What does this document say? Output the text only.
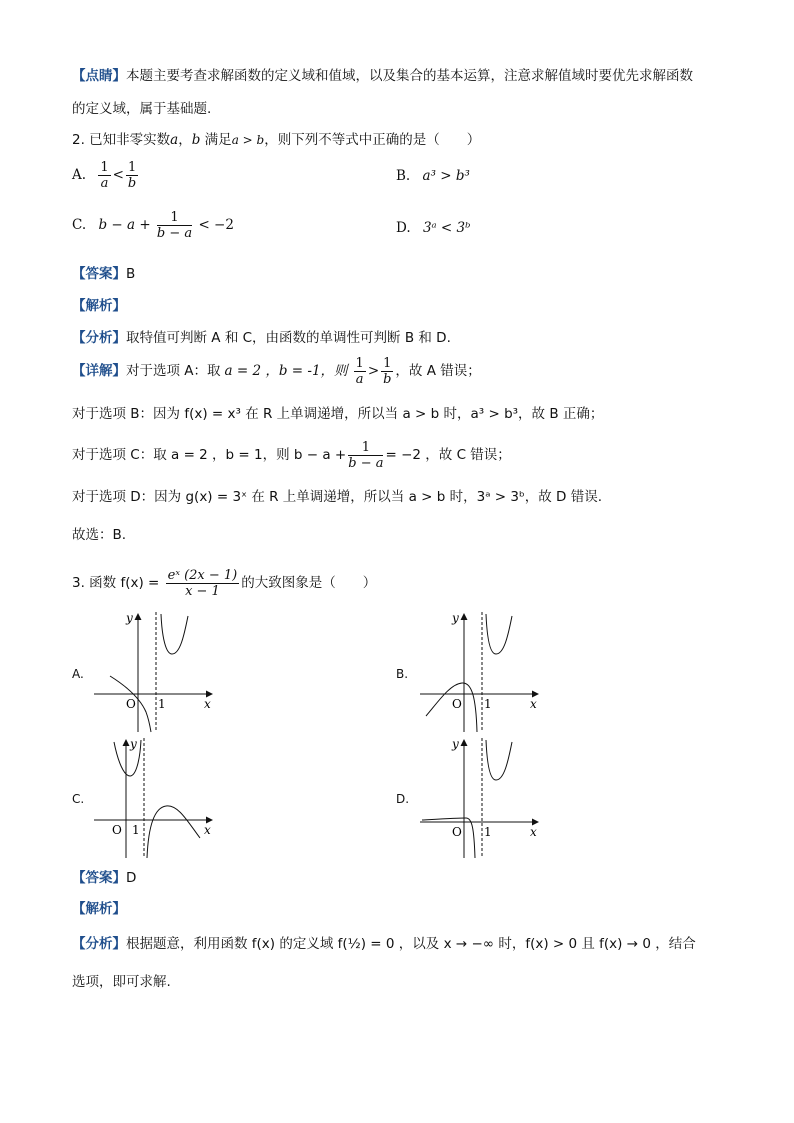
【点睛】本题主要考查求解函数的定义域和值域，以及集合的基本运算，注意求解值域时要优先求解函数
的定义域，属于基础题.
2. 已知非零实数a，b 满足a > b，则下列不等式中正确的是（　　）
A. $\frac{1}{a} < \frac{1}{b}$	B. a³ > b³
C. $b - a + \frac{1}{b - a} < -2$	D. 3ᵃ < 3ᵇ
【答案】B
【解析】
【分析】取特值可判断 A 和 C，由函数的单调性可判断 B 和 D.
【详解】对于选项 A：取 a = 2 ，b = -1，则 $\frac{1}{a} > \frac{1}{b}$ ，故 A 错误；
对于选项 B：因为 f(x) = x³ 在 R 上单调递增，所以当 a > b 时，a³ > b³，故 B 正确；
对于选项 C：取 a = 2 ，b = 1，则 $b - a + \frac{1}{b - a} = -2$ ，故 C 错误；
对于选项 D：因为 g(x) = 3ˣ 在 R 上单调递增，所以当 a > b 时，3ᵃ > 3ᵇ，故 D 错误.
故选：B.
3. 函数 $f(x) = \frac{\text{eˣ (2x − 1)}}{x - 1}$ 的大致图象是（　　）
A.	B.
C.	D.
O 1	x
y
O 1	x
y
O 1	x
y
O 1	x
y
【答案】D
【解析】
【分析】根据题意，利用函数 f(x) 的定义域 f(½) = 0 ，以及 x → −∞ 时，f(x) > 0 且 f(x) → 0 ，结合
选项，即可求解.
